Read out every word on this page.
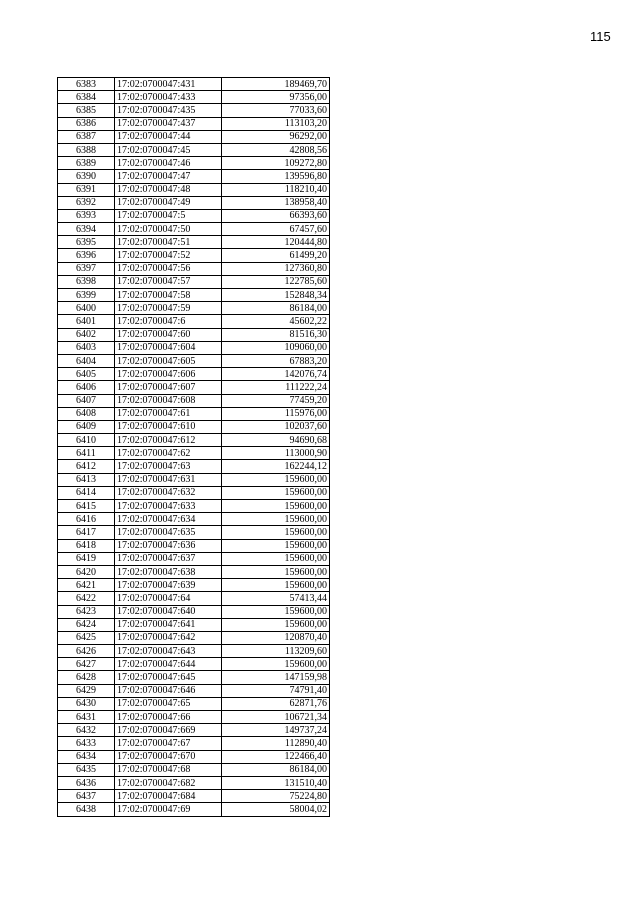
115
6383	17:02:0700047:431	189469,70
6384	17:02:0700047:433	97356,00
6385	17:02:0700047:435	77033,60
6386	17:02:0700047:437	113103,20
6387	17:02:0700047:44	96292,00
6388	17:02:0700047:45	42808,56
6389	17:02:0700047:46	109272,80
6390	17:02:0700047:47	139596,80
6391	17:02:0700047:48	118210,40
6392	17:02:0700047:49	138958,40
6393	17:02:0700047:5	66393,60
6394	17:02:0700047:50	67457,60
6395	17:02:0700047:51	120444,80
6396	17:02:0700047:52	61499,20
6397	17:02:0700047:56	127360,80
6398	17:02:0700047:57	122785,60
6399	17:02:0700047:58	152848,34
6400	17:02:0700047:59	86184,00
6401	17:02:0700047:6	45602,22
6402	17:02:0700047:60	81516,30
6403	17:02:0700047:604	109060,00
6404	17:02:0700047:605	67883,20
6405	17:02:0700047:606	142076,74
6406	17:02:0700047:607	111222,24
6407	17:02:0700047:608	77459,20
6408	17:02:0700047:61	115976,00
6409	17:02:0700047:610	102037,60
6410	17:02:0700047:612	94690,68
6411	17:02:0700047:62	113000,90
6412	17:02:0700047:63	162244,12
6413	17:02:0700047:631	159600,00
6414	17:02:0700047:632	159600,00
6415	17:02:0700047:633	159600,00
6416	17:02:0700047:634	159600,00
6417	17:02:0700047:635	159600,00
6418	17:02:0700047:636	159600,00
6419	17:02:0700047:637	159600,00
6420	17:02:0700047:638	159600,00
6421	17:02:0700047:639	159600,00
6422	17:02:0700047:64	57413,44
6423	17:02:0700047:640	159600,00
6424	17:02:0700047:641	159600,00
6425	17:02:0700047:642	120870,40
6426	17:02:0700047:643	113209,60
6427	17:02:0700047:644	159600,00
6428	17:02:0700047:645	147159,98
6429	17:02:0700047:646	74791,40
6430	17:02:0700047:65	62871,76
6431	17:02:0700047:66	106721,34
6432	17:02:0700047:669	149737,24
6433	17:02:0700047:67	112890,40
6434	17:02:0700047:670	122466,40
6435	17:02:0700047:68	86184,00
6436	17:02:0700047:682	131510,40
6437	17:02:0700047:684	75224,80
6438	17:02:0700047:69	58004,02
